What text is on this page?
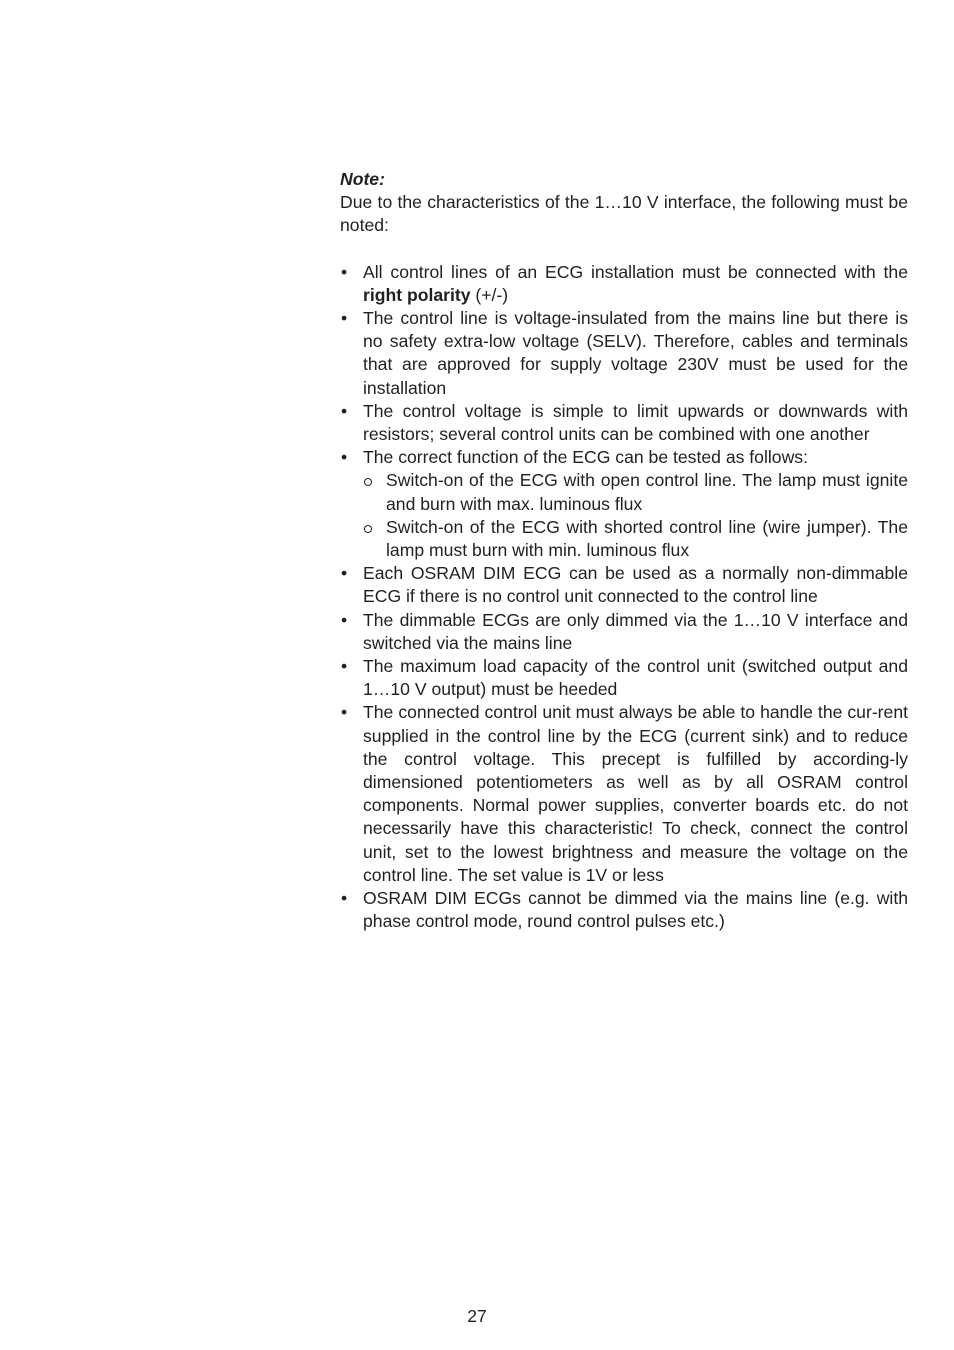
Note:

Due to the characteristics of the 1…10 V interface, the following must be noted:

• All control lines of an ECG installation must be connected with the right polarity (+/-)
• The control line is voltage-insulated from the mains line but there is no safety extra-low voltage (SELV). Therefore, cables and terminals that are approved for supply voltage 230V must be used for the installation
• The control voltage is simple to limit upwards or downwards with resistors; several control units can be combined with one another
• The correct function of the ECG can be tested as follows:
Switch-on of the ECG with open control line. The lamp must ignite and burn with max. luminous flux
Switch-on of the ECG with shorted control line (wire jumper). The lamp must burn with min. luminous flux
• Each OSRAM DIM ECG can be used as a normally non-dimmable ECG if there is no control unit connected to the control line
• The dimmable ECGs are only dimmed via the 1…10 V interface and switched via the mains line
• The maximum load capacity of the control unit (switched output and 1…10 V output) must be heeded
• The connected control unit must always be able to handle the cur-rent supplied in the control line by the ECG (current sink) and to reduce the control voltage. This precept is fulfilled by according-ly dimensioned potentiometers as well as by all OSRAM control components. Normal power supplies, converter boards etc. do not necessarily have this characteristic! To check, connect the control unit, set to the lowest brightness and measure the voltage on the control line. The set value is 1V or less
• OSRAM DIM ECGs cannot be dimmed via the mains line (e.g. with phase control mode, round control pulses etc.)
27
